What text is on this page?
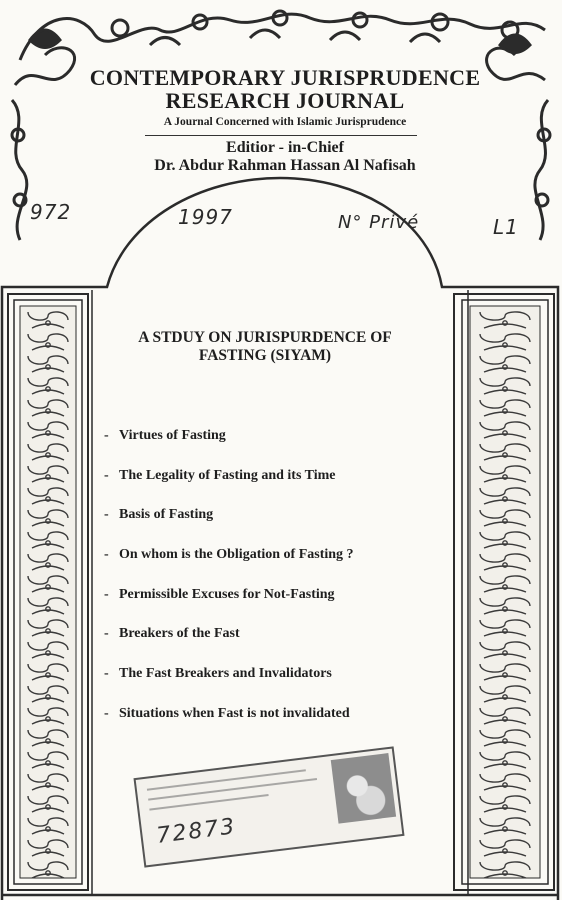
CONTEMPORARY JURISPRUDENCE
RESEARCH JOURNAL
A Journal Concerned with Islamic Jurisprudence
Editior - in-Chief
Dr. Abdur Rahman Hassan Al Nafisah
972	1997	N° Privé	L1
A STDUY ON JURISPURDENCE OF
FASTING (SIYAM)
- Virtues of Fasting
- The Legality of Fasting and its Time
- Basis of Fasting
- On whom is the Obligation of Fasting ?
- Permissible Excuses for Not-Fasting
- Breakers of the Fast
- The Fast Breakers and Invalidators
- Situations when Fast is not invalidated
72873
